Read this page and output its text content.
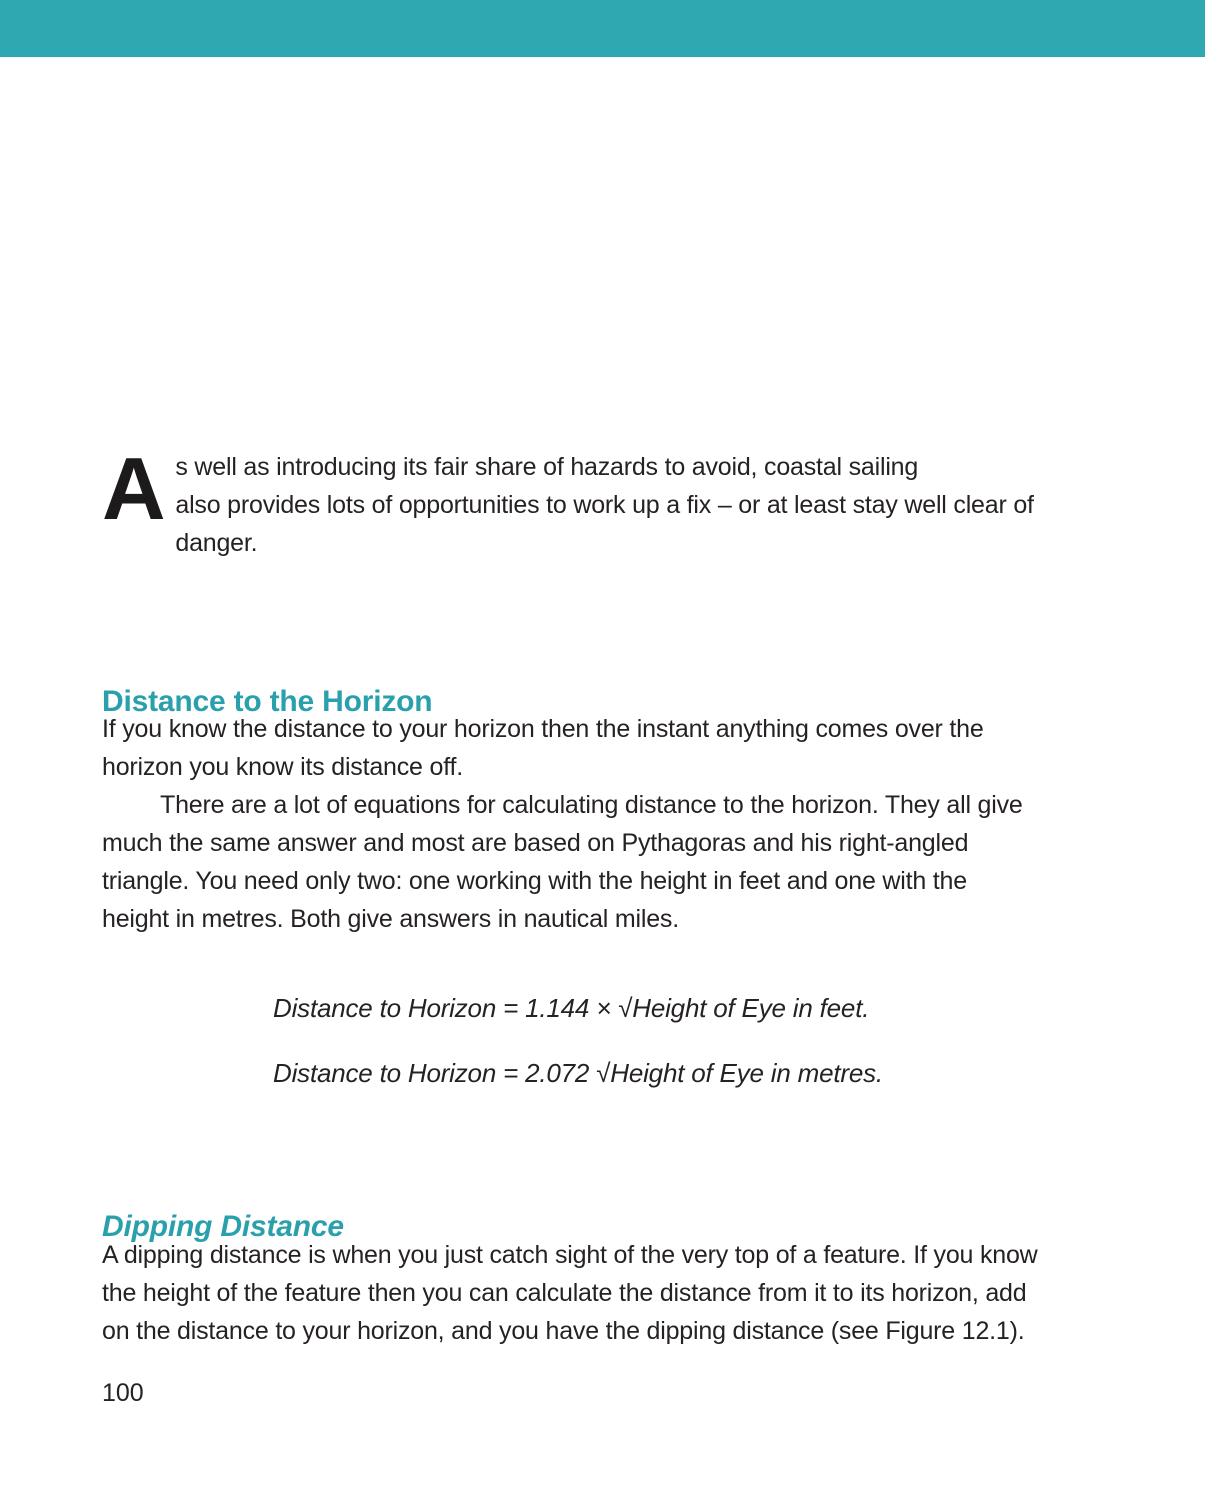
A s well as introducing its fair share of hazards to avoid, coastal sailing
also provides lots of opportunities to work up a fix – or at least stay well clear of
danger.
Distance to the Horizon
If you know the distance to your horizon then the instant anything comes over the
horizon you know its distance off.
There are a lot of equations for calculating distance to the horizon. They all give
much the same answer and most are based on Pythagoras and his right-angled
triangle. You need only two: one working with the height in feet and one with the
height in metres. Both give answers in nautical miles.
Distance to Horizon = 1.144 × √Height of Eye in feet.
Distance to Horizon = 2.072 √Height of Eye in metres.
Dipping Distance
A dipping distance is when you just catch sight of the very top of a feature. If you know
the height of the feature then you can calculate the distance from it to its horizon, add
on the distance to your horizon, and you have the dipping distance (see Figure 12.1).
100
